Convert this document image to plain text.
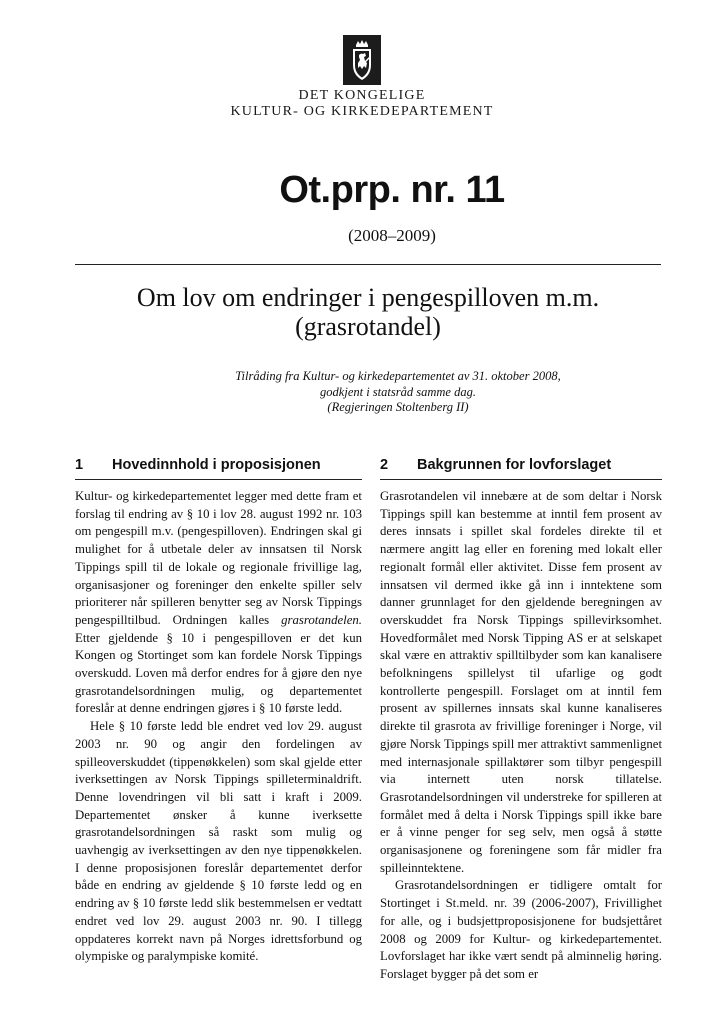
DET KONGELIGE
KULTUR- OG KIRKEDEPARTEMENT
Ot.prp. nr. 11
(2008–2009)
Om lov om endringer i pengespilloven m.m.
(grasrotandel)
Tilråding fra Kultur- og kirkedepartementet av 31. oktober 2008,
godkjent i statsråd samme dag.
(Regjeringen Stoltenberg II)
1 Hovedinnhold i proposisjonen

Kultur- og kirkedepartementet legger med dette fram et forslag til endring av § 10 i lov 28. august 1992 nr. 103 om pengespill m.v. (pengespilloven). Endringen skal gi mulighet for å utbetale deler av innsatsen til Norsk Tippings spill til de lokale og regionale frivillige lag, organisasjoner og foreninger den enkelte spiller selv prioriterer når spilleren benytter seg av Norsk Tippings pengespilltilbud. Ordningen kalles grasrotandelen. Etter gjeldende § 10 i pengespilloven er det kun Kongen og Stortinget som kan fordele Norsk Tippings overskudd. Loven må derfor endres for å gjøre den nye grasrotandelsordningen mulig, og departementet foreslår at denne endringen gjøres i § 10 første ledd.
Hele § 10 første ledd ble endret ved lov 29. august 2003 nr. 90 og angir den fordelingen av spilleoverskuddet (tippenøkkelen) som skal gjelde etter iverksettingen av Norsk Tippings spilleterminaldrift. Denne lovendringen vil bli satt i kraft i 2009. Departementet ønsker å kunne iverksette grasrotandelsordningen så raskt som mulig og uavhengig av iverksettingen av den nye tippenøkkelen. I denne proposisjonen foreslår departementet derfor både en endring av gjeldende § 10 første ledd og en endring av § 10 første ledd slik bestemmelsen er vedtatt endret ved lov 29. august 2003 nr. 90. I tillegg oppdateres korrekt navn på Norges idrettsforbund og olympiske og paralympiske komité.

2 Bakgrunnen for lovforslaget

Grasrotandelen vil innebære at de som deltar i Norsk Tippings spill kan bestemme at inntil fem prosent av deres innsats i spillet skal fordeles direkte til et nærmere angitt lag eller en forening med lokalt eller regionalt formål eller aktivitet. Disse fem prosent av innsatsen vil dermed ikke gå inn i inntektene som danner grunnlaget for den gjeldende beregningen av overskuddet fra Norsk Tippings spillevirksomhet. Hovedformålet med Norsk Tipping AS er at selskapet skal være en attraktiv spilltilbyder som kan kanalisere befolkningens spillelyst til ufarlige og godt kontrollerte pengespill. Forslaget om at inntil fem prosent av spillernes innsats skal kunne kanaliseres direkte til grasrota av frivillige foreninger i Norge, vil gjøre Norsk Tippings spill mer attraktivt sammenlignet med internasjonale spillaktører som tilbyr pengespill via internett uten norsk tillatelse. Grasrotandelsordningen vil understreke for spilleren at formålet med å delta i Norsk Tippings spill ikke bare er å vinne penger for seg selv, men også å støtte organisasjonene og foreningene som får midler fra spilleinntektene.
Grasrotandelsordningen er tidligere omtalt for Stortinget i St.meld. nr. 39 (2006-2007), Frivillighet for alle, og i budsjettproposisjonene for budsjettåret 2008 og 2009 for Kultur- og kirkedepartementet. Lovforslaget har ikke vært sendt på alminnelig høring. Forslaget bygger på det som er
